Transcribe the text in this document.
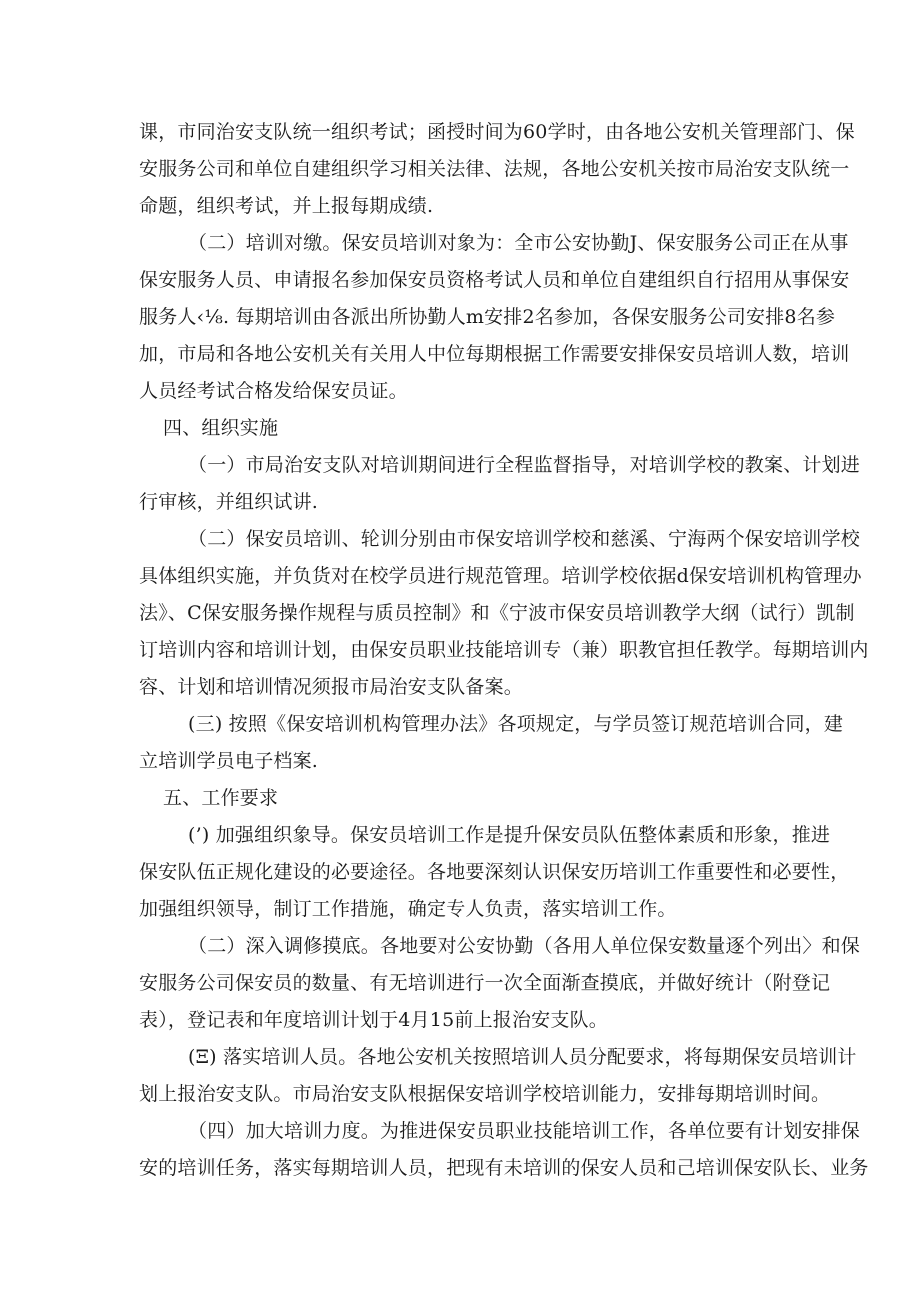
课，市同治安支队统一组织考试；函授时间为60学时，由各地公安机关管理部门、保
安服务公司和单位自建组织学习相关法律、法规，各地公安机关按市局治安支队统一
命题，组织考试，并上报每期成绩.
（二）培训对缴。保安员培训对象为：全市公安协勤J、保安服务公司正在从事
保安服务人员、申请报名参加保安员资格考试人员和单位自建组织自行招用从事保安
服务人‹⅛. 每期培训由各派出所协勤人m安排2名参加，各保安服务公司安排8名参
加，市局和各地公安机关有关用人中位每期根据工作需要安排保安员培训人数，培训
人员经考试合格发给保安员证。
四、组织实施
（一）市局治安支队对培训期间进行全程监督指导，对培训学校的教案、计划进
行审核，并组织试讲.
（二）保安员培训、轮训分别由市保安培训学校和慈溪、宁海两个保安培训学校
具体组织实施，并负货对在校学员进行规范管理。培训学校依据d保安培训机构管理办
法》、C保安服务操作规程与质员控制》和《宁波市保安员培训教学大纲（试行）凯制
订培训内容和培训计划，由保安员职业技能培训专（兼）职教官担任教学。每期培训内
容、计划和培训情况须报市局治安支队备案。
(三) 按照《保安培训机构管理办法》各项规定，与学员签订规范培训合同，建
立培训学员电子档案.
五、工作要求
(’) 加强组织象导。保安员培训工作是提升保安员队伍整体素质和形象，推进
保安队伍正规化建设的必要途径。各地要深刻认识保安历培训工作重要性和必要性，
加强组织领导，制订工作措施，确定专人负责，落实培训工作。
（二）深入调修摸底。各地要对公安协勤（各用人单位保安数量逐个列出〉和保
安服务公司保安员的数量、有无培训进行一次全面渐查摸底，并做好统计（附登记
表），登记表和年度培训计划于4月15前上报治安支队。
(Ξ) 落实培训人员。各地公安机关按照培训人员分配要求，将每期保安员培训计
划上报治安支队。市局治安支队根据保安培训学校培训能力，安排每期培训时间。
（四）加大培训力度。为推进保安员职业技能培训工作，各单位要有计划安排保
安的培训任务，落实每期培训人员，把现有未培训的保安人员和己培训保安队长、业务
